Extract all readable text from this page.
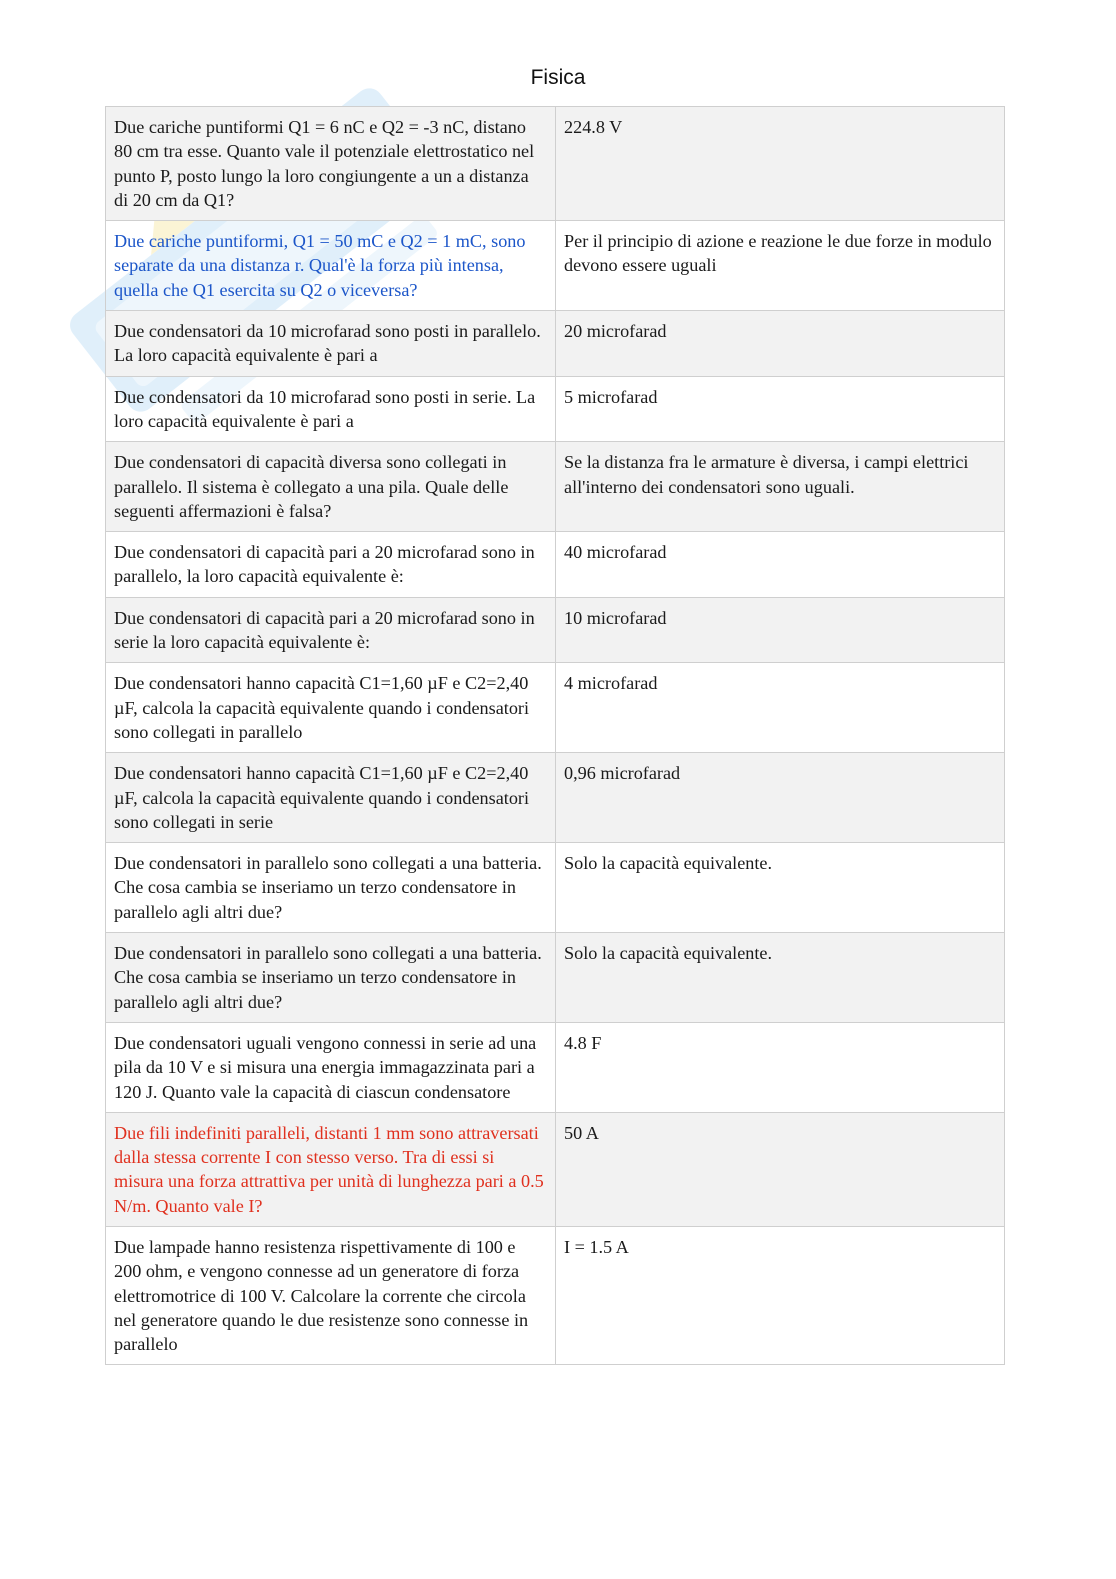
Fisica
Due cariche puntiformi Q1 = 6 nC e Q2 = -3 nC, distano 80 cm tra esse. Quanto vale il potenziale elettrostatico nel punto P, posto lungo la loro congiungente a un a distanza di 20 cm da Q1?	224.8 V
Due cariche puntiformi, Q1 = 50 mC e Q2 = 1 mC, sono separate da una distanza r. Qual'è la forza più intensa, quella che Q1 esercita su Q2 o viceversa?	Per il principio di azione e reazione le due forze in modulo devono essere uguali
Due condensatori da 10 microfarad sono posti in parallelo. La loro capacità equivalente è pari a	20 microfarad
Due condensatori da 10 microfarad sono posti in serie. La loro capacità equivalente è pari a	5 microfarad
Due condensatori di capacità diversa sono collegati in parallelo. Il sistema è collegato a una pila. Quale delle seguenti affermazioni è falsa?	Se la distanza fra le armature è diversa, i campi elettrici all'interno dei condensatori sono uguali.
Due condensatori di capacità pari a 20 microfarad sono in parallelo, la loro capacità equivalente è:	40 microfarad
Due condensatori di capacità pari a 20 microfarad sono in serie la loro capacità equivalente è:	10 microfarad
Due condensatori hanno capacità C1=1,60 µF e C2=2,40 µF, calcola la capacità equivalente quando i condensatori sono collegati in parallelo	4 microfarad
Due condensatori hanno capacità C1=1,60 µF e C2=2,40 µF, calcola la capacità equivalente quando i condensatori sono collegati in serie	0,96 microfarad
Due condensatori in parallelo sono collegati a una batteria. Che cosa cambia se inseriamo un terzo condensatore in parallelo agli altri due?	Solo la capacità equivalente.
Due condensatori in parallelo sono collegati a una batteria. Che cosa cambia se inseriamo un terzo condensatore in parallelo agli altri due?	Solo la capacità equivalente.
Due condensatori uguali vengono connessi in serie ad una pila da 10 V e si misura una energia immagazzinata pari a 120 J. Quanto vale la capacità di ciascun condensatore	4.8 F
Due fili indefiniti paralleli, distanti 1 mm sono attraversati dalla stessa corrente I con stesso verso. Tra di essi si misura una forza attrattiva per unità di lunghezza pari a 0.5 N/m. Quanto vale I?	50 A
Due lampade hanno resistenza rispettivamente di 100 e 200 ohm, e vengono connesse ad un generatore di forza elettromotrice di 100 V. Calcolare la corrente che circola nel generatore quando le due resistenze sono connesse in parallelo	I = 1.5 A
